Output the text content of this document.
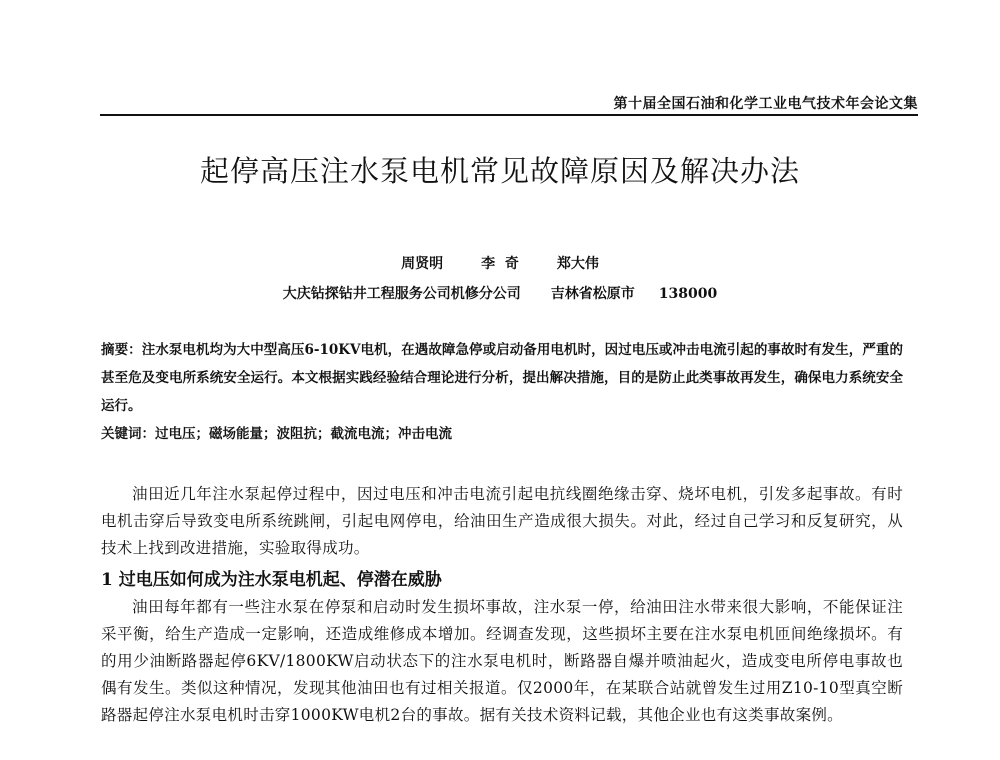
第十届全国石油和化学工业电气技术年会论文集
起停高压注水泵电机常见故障原因及解决办法
周贤明	李  奇	郑大伟
大庆钻探钻井工程服务公司机修分公司 吉林省松原市 138000
摘要：注水泵电机均为大中型高压6-10KV电机，在遇故障急停或启动备用电机时，因过电压或冲击电流引起的事故时有发生，严重的甚至危及变电所系统安全运行。本文根据实践经验结合理论进行分析，提出解决措施，目的是防止此类事故再发生，确保电力系统安全运行。
关键词：过电压；磁场能量；波阻抗；截流电流；冲击电流
油田近几年注水泵起停过程中，因过电压和冲击电流引起电抗线圈绝缘击穿、烧坏电机，引发多起事故。有时电机击穿后导致变电所系统跳闸，引起电网停电，给油田生产造成很大损失。对此，经过自己学习和反复研究，从技术上找到改进措施，实验取得成功。
1 过电压如何成为注水泵电机起、停潜在威胁
油田每年都有一些注水泵在停泵和启动时发生损坏事故，注水泵一停，给油田注水带来很大影响，不能保证注采平衡，给生产造成一定影响，还造成维修成本增加。经调查发现，这些损坏主要在注水泵电机匝间绝缘损坏。有的用少油断路器起停6KV/1800KW启动状态下的注水泵电机时，断路器自爆并喷油起火，造成变电所停电事故也偶有发生。类似这种情况，发现其他油田也有过相关报道。仅2000年，在某联合站就曾发生过用Z10-10型真空断路器起停注水泵电机时击穿1000KW电机2台的事故。据有关技术资料记载，其他企业也有这类事故案例。
